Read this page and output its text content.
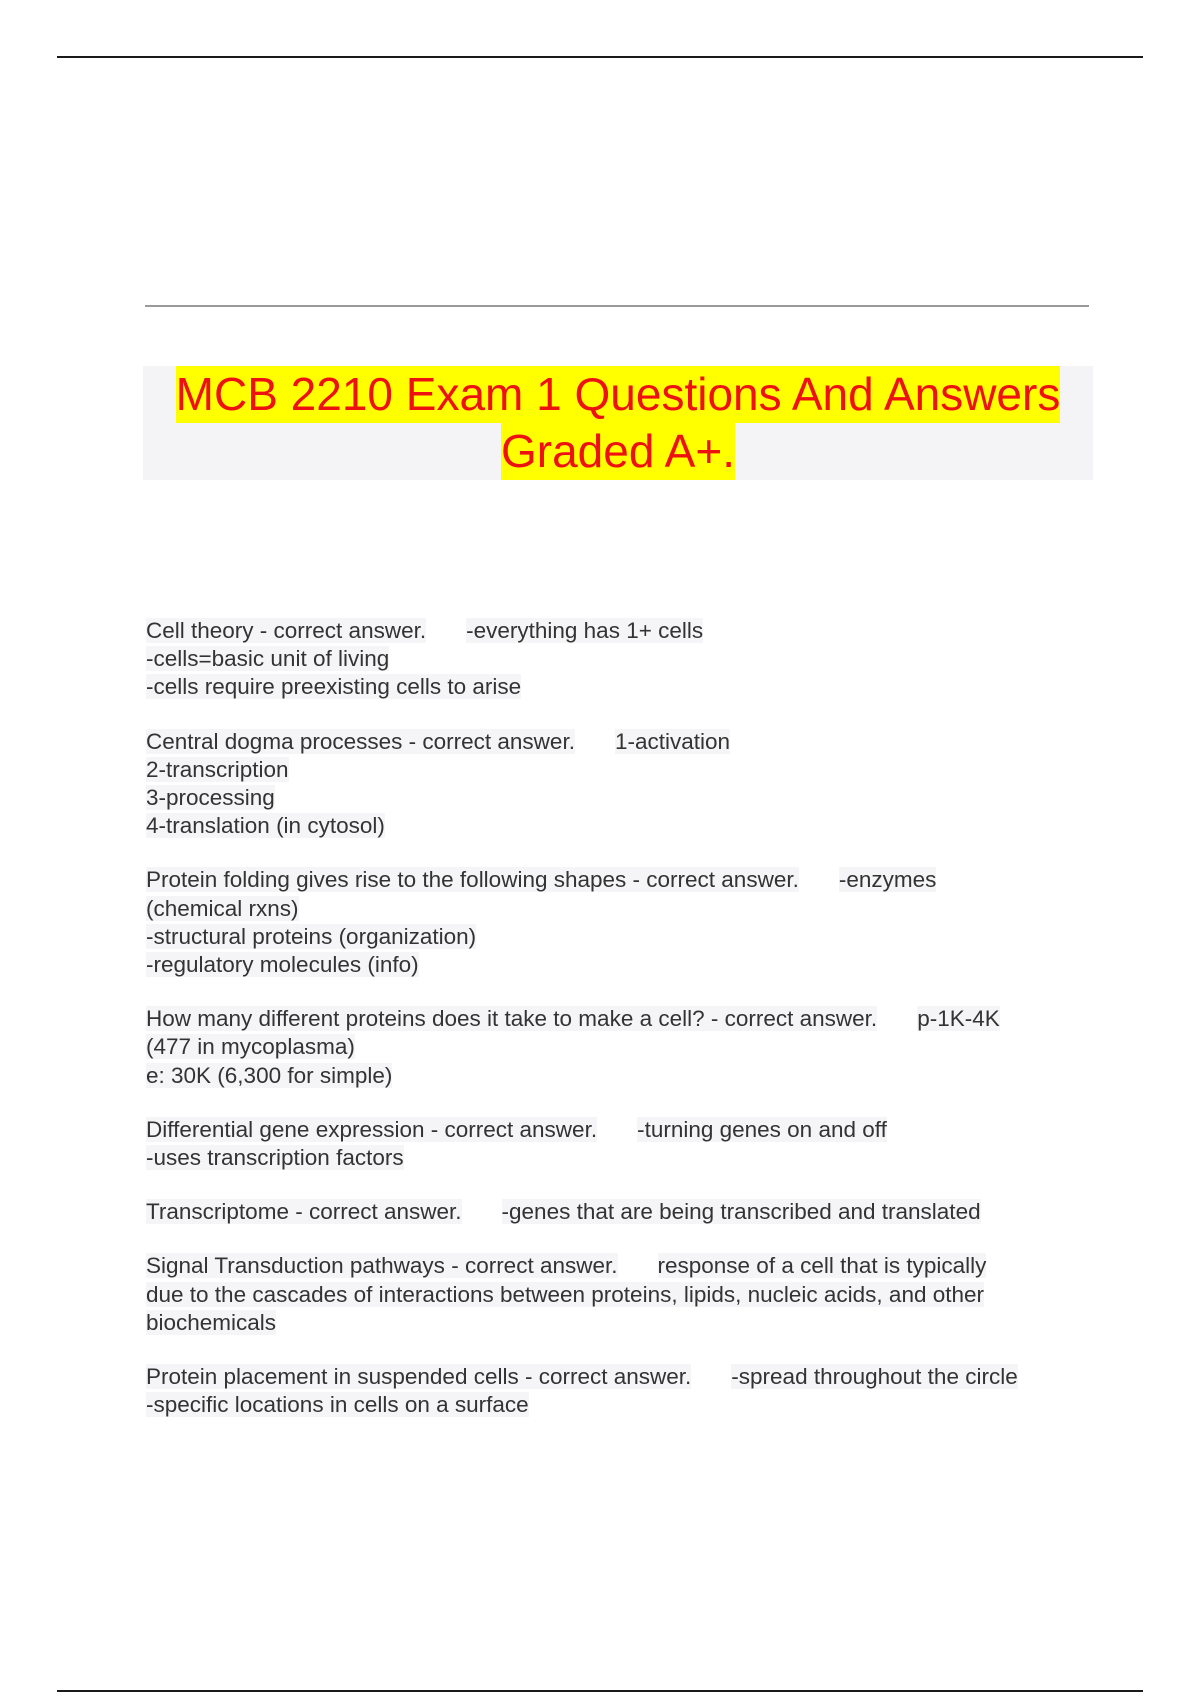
MCB 2210 Exam 1 Questions And Answers
Graded A+.
Cell theory - correct answer. -everything has 1+ cells
-cells=basic unit of living
-cells require preexisting cells to arise
Central dogma processes - correct answer. 1-activation
2-transcription
3-processing
4-translation (in cytosol)
Protein folding gives rise to the following shapes - correct answer. -enzymes
(chemical rxns)
-structural proteins (organization)
-regulatory molecules (info)
How many different proteins does it take to make a cell? - correct answer. p-1K-4K
(477 in mycoplasma)
e: 30K (6,300 for simple)
Differential gene expression - correct answer. -turning genes on and off
-uses transcription factors
Transcriptome - correct answer. -genes that are being transcribed and translated
Signal Transduction pathways - correct answer. response of a cell that is typically
due to the cascades of interactions between proteins, lipids, nucleic acids, and other
biochemicals
Protein placement in suspended cells - correct answer. -spread throughout the circle
-specific locations in cells on a surface
